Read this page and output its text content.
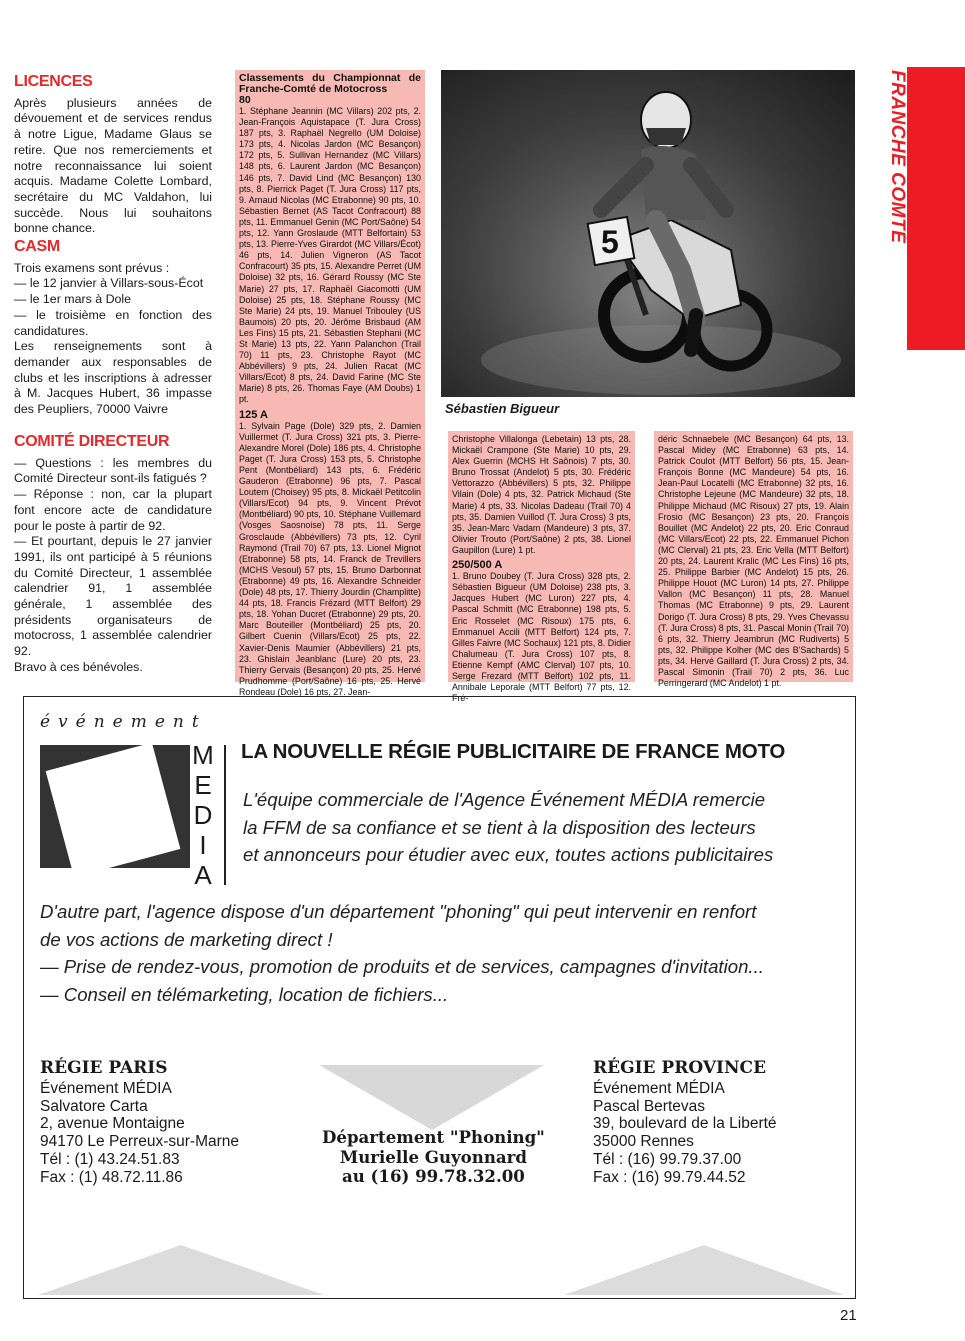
LICENCES

Après plusieurs années de dévouement et de services rendus à notre Ligue, Madame Glaus se retire. Que nos remerciements et notre reconnaissance lui soient acquis. Madame Colette Lombard, secrétaire du MC Valdahon, lui succède. Nous lui souhaitons bonne chance.

CASM

Trois examens sont prévus :

— le 12 janvier à Villars-sous-Écot

— le 1er mars à Dole

— le troisième en fonction des candidatures.

Les renseignements sont à demander aux responsables de clubs et les inscriptions à adresser à M. Jacques Hubert, 36 impasse des Peupliers, 70000 Vaivre

COMITÉ DIRECTEUR

— Questions : les membres du Comité Directeur sont-ils fatigués ?

— Réponse : non, car la plupart font encore acte de candidature pour le poste à partir de 92.

— Et pourtant, depuis le 27 janvier 1991, ils ont participé à 5 réunions du Comité Directeur, 1 assemblée calendrier 91, 1 assemblée générale, 1 assemblée des présidents organisateurs de motocross, 1 assemblée calendrier 92.

Bravo à ces bénévoles.

Classements du Championnat de Franche-Comté de Motocross
80
1. Stéphane Jeannin (MC Villars) 202 pts, 2. Jean-François Aquistapace (T. Jura Cross) 187 pts, 3. Raphaël Negrello (UM Doloise) 173 pts, 4. Nicolas Jardon (MC Besançon) 172 pts, 5. Sullivan Hernandez (MC Villars) 148 pts, 6. Laurent Jardon (MC Besançon) 146 pts, 7. David Lind (MC Besançon) 130 pts, 8. Pierrick Paget (T. Jura Cross) 117 pts, 9. Arnaud Nicolas (MC Etrabonne) 90 pts, 10. Sébastien Bernet (AS Tacot Confracourt) 88 pts, 11. Emmanuel Genin (MC Port/Saône) 54 pts, 12. Yann Groslaude (MTT Belfortain) 53 pts, 13. Pierre-Yves Girardot (MC Villars/Écot) 46 pts, 14. Julien Vigneron (AS Tacot Confracourt) 35 pts, 15. Alexandre Perret (UM Doloise) 32 pts, 16. Gérard Roussy (MC Ste Marie) 27 pts, 17. Raphaël Giacomotti (UM Doloise) 25 pts, 18. Stéphane Roussy (MC Ste Marie) 24 pts, 19. Manuel Tribouley (US Baumois) 20 pts, 20. Jérôme Brisbaud (AM Les Fins) 15 pts, 21. Sébastien Stephani (MC St Marie) 13 pts, 22. Yann Palanchon (Trail 70) 11 pts, 23. Christophe Rayot (MC Abbévillers) 9 pts, 24. Julien Racat (MC Villars/Ecot) 8 pts, 24. David Farine (MC Ste Marie) 8 pts, 26. Thomas Faye (AM Doubs) 1 pt.
125 A
1. Sylvain Page (Dole) 329 pts, 2. Damien Vuillermet (T. Jura Cross) 321 pts, 3. Pierre-Alexandre Morel (Dole) 186 pts, 4. Christophe Paget (T. Jura Cross) 153 pts, 5. Christophe Pent (Montbéliard) 143 pts, 6. Frédéric Gauderon (Etrabonne) 96 pts, 7. Pascal Loutem (Choisey) 95 pts, 8. Mickaël Petitcolin (Villars/Ecot) 94 pts, 9. Vincent Prévot (Montbéliard) 90 pts, 10. Stéphane Vuillemard (Vosges Saosnoise) 78 pts, 11. Serge Grosclaude (Abbévillers) 73 pts, 12. Cyril Raymond (Trail 70) 67 pts, 13. Lionel Mignot (Etrabonne) 58 pts, 14. Franck de Trevillers (MCHS Vesoul) 57 pts, 15. Bruno Darbonnat (Etrabonne) 49 pts, 16. Alexandre Schneider (Dole) 48 pts, 17. Thierry Jourdin (Champlitte) 44 pts, 18. Francis Frézard (MTT Belfort) 29 pts, 18. Yohan Ducret (Etrabonne) 29 pts, 20. Marc Bouteiller (Montbéliard) 25 pts, 20. Gilbert Cuenin (Villars/Ecot) 25 pts, 22. Xavier-Denis Maumier (Abbévillers) 21 pts, 23. Ghislain Jeanblanc (Lure) 20 pts, 23. Thierry Gervais (Besançon) 20 pts, 25. Hervé Prudhomme (Port/Saône) 16 pts, 25. Hervé Rondeau (Dole) 16 pts, 27. Jean-
Christophe Villalonga (Lebetain) 13 pts, 28. Mickaël Crampone (Ste Marie) 10 pts, 29. Alex Guerrin (MCHS Ht Saônois) 7 pts, 30. Bruno Trossat (Andelot) 5 pts, 30. Frédéric Vettorazzo (Abbévillers) 5 pts, 32. Philippe Vilain (Dole) 4 pts, 32. Patrick Michaud (Ste Marie) 4 pts, 33. Nicolas Dadeau (Trail 70) 4 pts, 35. Damien Vuillod (T. Jura Cross) 3 pts, 35. Jean-Marc Vadam (Mandeure) 3 pts, 37. Olivier Trouto (Port/Saône) 2 pts, 38. Lionel Gaupillon (Lure) 1 pt.
250/500 A
1. Bruno Doubey (T. Jura Cross) 328 pts, 2. Sébastien Bigueur (UM Doloise) 238 pts, 3. Jacques Hubert (MC Luron) 227 pts, 4. Pascal Schmitt (MC Etrabonne) 198 pts, 5. Eric Rosselet (MC Risoux) 175 pts, 6. Emmanuel Accili (MTT Belfort) 124 pts, 7. Gilles Faivre (MC Sochaux) 121 pts, 8. Didier Chalumeau (T. Jura Cross) 107 pts, 8. Etienne Kempf (AMC Clerval) 107 pts, 10. Serge Frezard (MTT Belfort) 102 pts, 11. Annibale Leporale (MTT Belfort) 77 pts, 12. Fré-
déric Schnaebele (MC Besançon) 64 pts, 13. Pascal Midey (MC Etrabonne) 63 pts, 14. Patrick Coulot (MTT Belfort) 56 pts, 15. Jean-François Bonne (MC Mandeure) 54 pts, 16. Jean-Paul Locatelli (MC Etrabonne) 32 pts, 16. Christophe Lejeune (MC Mandeure) 32 pts, 18. Philippe Michaud (MC Risoux) 27 pts, 19. Alain Frosio (MC Besançon) 23 pts, 20. François Bouillet (MC Andelot) 22 pts, 20. Eric Conraud (MC Villars/Ecot) 22 pts, 22. Emmanuel Pichon (MC Clerval) 21 pts, 23. Eric Vella (MTT Belfort) 20 pts, 24. Laurent Kralic (MC Les Fins) 16 pts, 25. Philippe Barbier (MC Andelot) 15 pts, 26. Philippe Houot (MC Luron) 14 pts, 27. Philippe Vallon (MC Besançon) 11 pts, 28. Manuel Thomas (MC Etrabonne) 9 pts, 29. Laurent Dorigo (T. Jura Cross) 8 pts, 29. Yves Chevassu (T. Jura Cross) 8 pts, 31. Pascal Monin (Trail 70) 6 pts, 32. Thierry Jeambrun (MC Rudiverts) 5 pts, 32. Philippe Kolher (MC des B'Sachards) 5 pts, 34. Hervé Gaillard (T. Jura Cross) 2 pts, 34. Pascal Simonin (Trail 70) 2 pts, 36. Luc Perringerard (MC Andelot) 1 pt.
5
Sébastien Bigueur
FRANCHE COMTÉ
événement
M
E
D
I
A
LA NOUVELLE RÉGIE PUBLICITAIRE DE FRANCE MOTO
L'équipe commerciale de l'Agence Événement MÉDIA remercie
la FFM de sa confiance et se tient à la disposition des lecteurs
et annonceurs pour étudier avec eux, toutes actions publicitaires
D'autre part, l'agence dispose d'un département "phoning" qui peut intervenir en renfort
de vos actions de marketing direct !
— Prise de rendez-vous, promotion de produits et de services, campagnes d'invitation...
— Conseil en télémarketing, location de fichiers...
RÉGIE PARIS
Événement MÉDIA
Salvatore Carta
2, avenue Montaigne
94170 Le Perreux-sur-Marne
Tél : (1) 43.24.51.83
Fax : (1) 48.72.11.86
Département "Phoning"
Murielle Guyonnard
au (16) 99.78.32.00
RÉGIE PROVINCE
Événement MÉDIA
Pascal Bertevas
39, boulevard de la Liberté
35000 Rennes
Tél : (16) 99.79.37.00
Fax : (16) 99.79.44.52
21
